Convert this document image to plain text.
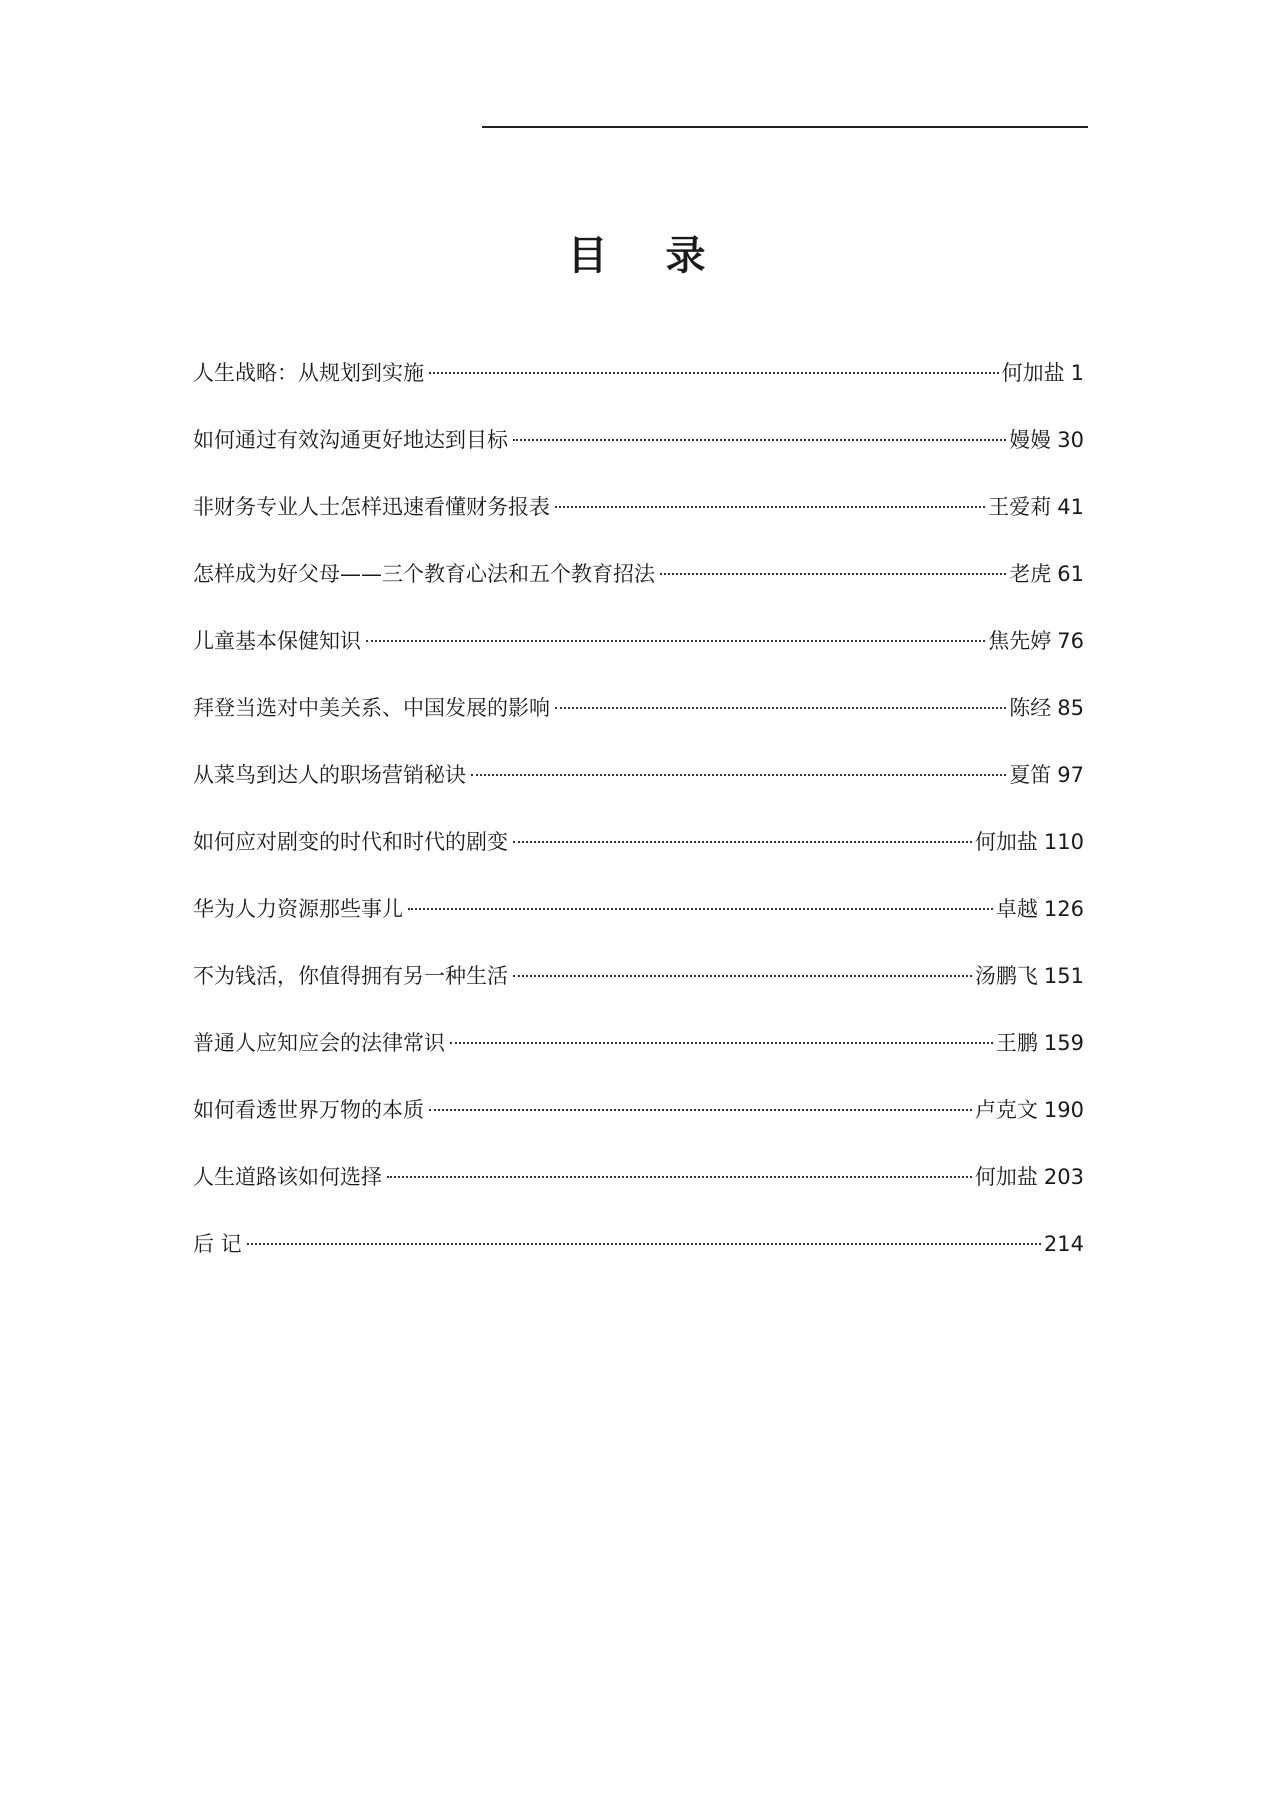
目 录
人生战略：从规划到实施	何加盐 1
如何通过有效沟通更好地达到目标	嫚嫚 30
非财务专业人士怎样迅速看懂财务报表	王爱莉 41
怎样成为好父母——三个教育心法和五个教育招法	老虎 61
儿童基本保健知识	焦先婷 76
拜登当选对中美关系、中国发展的影响	陈经 85
从菜鸟到达人的职场营销秘诀	夏笛 97
如何应对剧变的时代和时代的剧变	何加盐 110
华为人力资源那些事儿	卓越 126
不为钱活，你值得拥有另一种生活	汤鹏飞 151
普通人应知应会的法律常识	王鹏 159
如何看透世界万物的本质	卢克文 190
人生道路该如何选择	何加盐 203
后 记	214
